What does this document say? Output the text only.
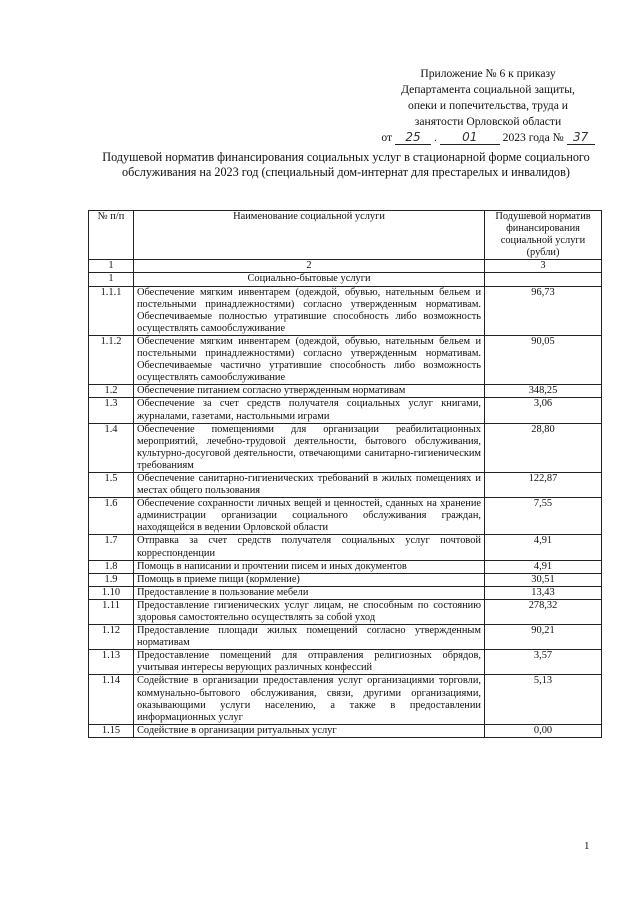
Приложение № 6 к приказу
Департамента социальной защиты,
опеки и попечительства, труда и
занятости Орловской области
от 25 . 01 2023 года № 37
Подушевой норматив финансирования социальных услуг в стационарной форме социального обслуживания на 2023 год (специальный дом-интернат для престарелых и инвалидов)
№ п/п	Наименование социальной услуги	Подушевой норматив финансирования социальной услуги (рубли)
1	2	3
1	Социально-бытовые услуги	
1.1.1	Обеспечение мягким инвентарем (одеждой, обувью, нательным бельем и постельными принадлежностями) согласно утвержденным нормативам. Обеспечиваемые полностью утратившие способность либо возможность осуществлять самообслуживание	96,73
1.1.2	Обеспечение мягким инвентарем (одеждой, обувью, нательным бельем и постельными принадлежностями) согласно утвержденным нормативам. Обеспечиваемые частично утратившие способность либо возможность осуществлять самообслуживание	90,05
1.2	Обеспечение питанием согласно утвержденным нормативам	348,25
1.3	Обеспечение за счет средств получателя социальных услуг книгами, журналами, газетами, настольными играми	3,06
1.4	Обеспечение помещениями для организации реабилитационных мероприятий, лечебно-трудовой деятельности, бытового обслуживания, культурно-досуговой деятельности, отвечающими санитарно-гигиеническим требованиям	28,80
1.5	Обеспечение санитарно-гигиенических требований в жилых помещениях и местах общего пользования	122,87
1.6	Обеспечение сохранности личных вещей и ценностей, сданных на хранение администрации организации социального обслуживания граждан, находящейся в ведении Орловской области	7,55
1.7	Отправка за счет средств получателя социальных услуг почтовой корреспонденции	4,91
1.8	Помощь в написании и прочтении писем и иных документов	4,91
1.9	Помощь в приеме пищи (кормление)	30,51
1.10	Предоставление в пользование мебели	13,43
1.11	Предоставление гигиенических услуг лицам, не способным по состоянию здоровья самостоятельно осуществлять за собой уход	278,32
1.12	Предоставление площади жилых помещений согласно утвержденным нормативам	90,21
1.13	Предоставление помещений для отправления религиозных обрядов, учитывая интересы верующих различных конфессий	3,57
1.14	Содействие в организации предоставления услуг организациями торговли, коммунально-бытового обслуживания, связи, другими организациями, оказывающими услуги населению, а также в предоставлении информационных услуг	5,13
1.15	Содействие в организации ритуальных услуг	0,00
1
